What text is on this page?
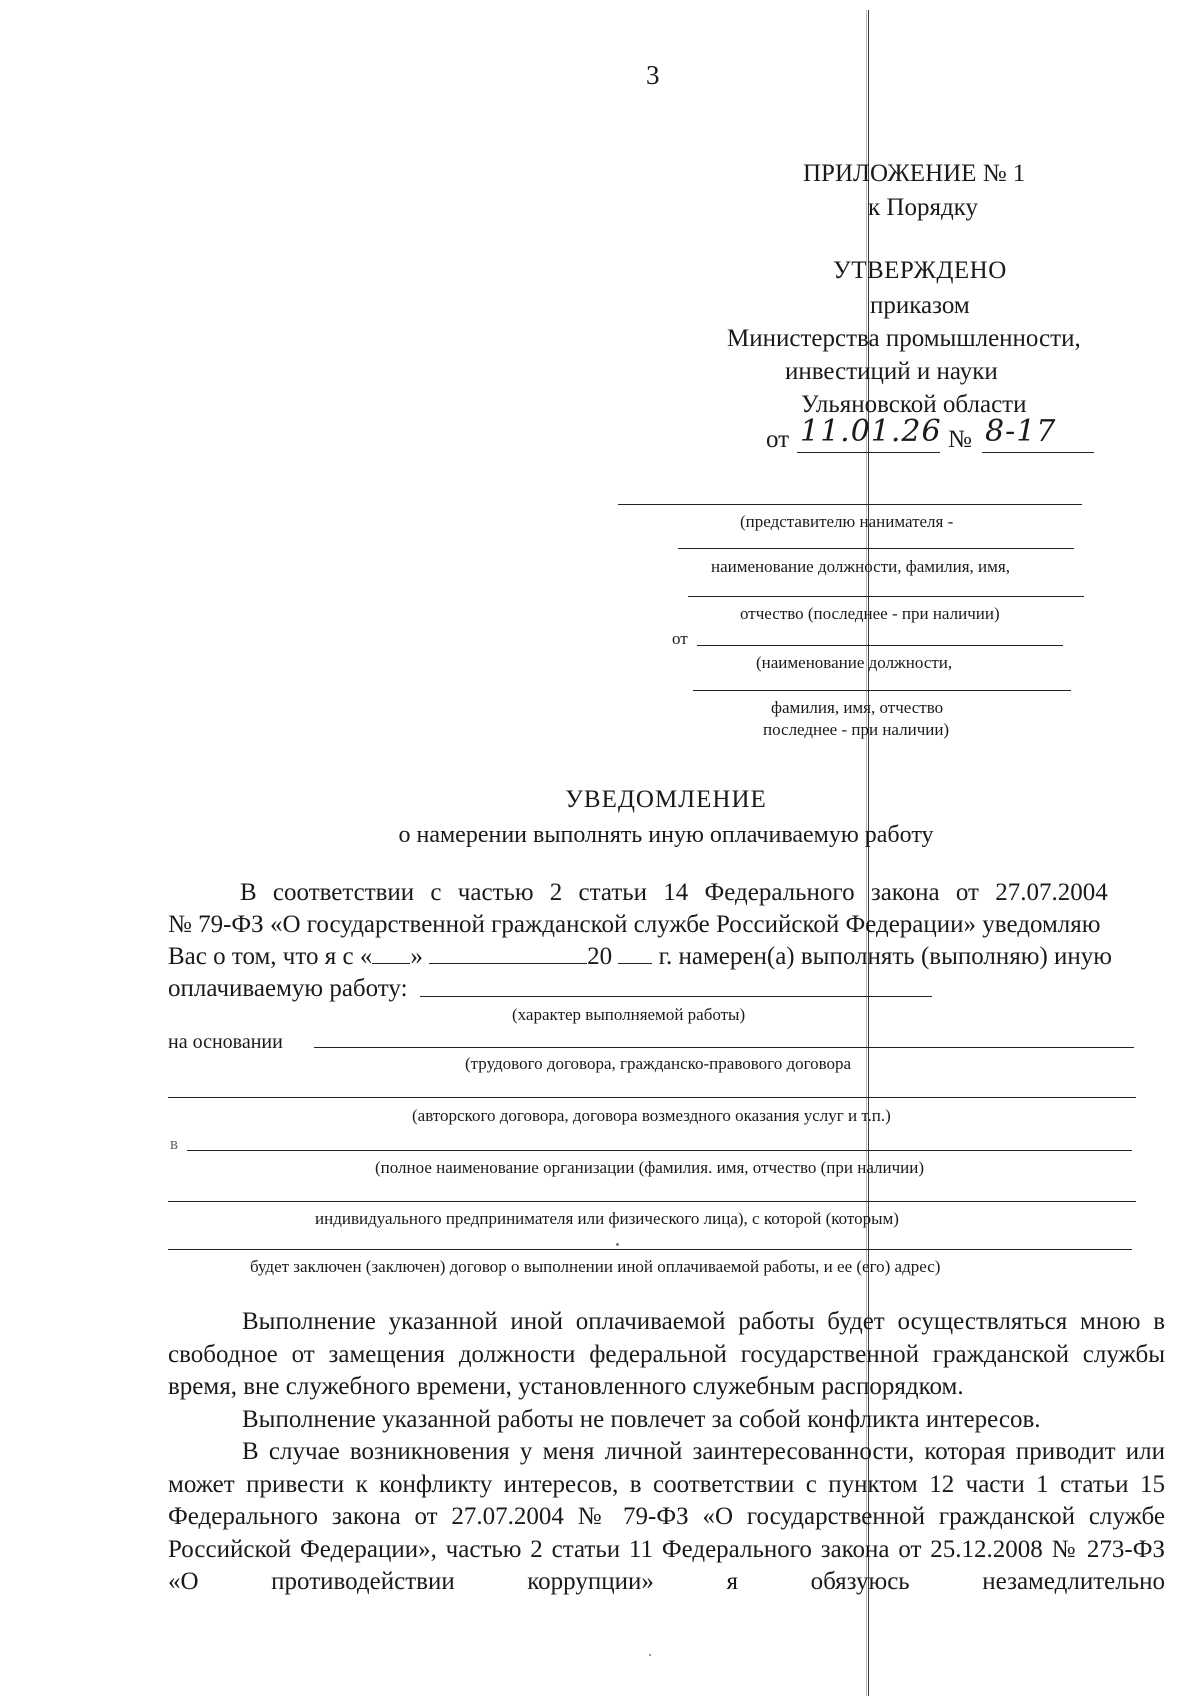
3
ПРИЛОЖЕНИЕ № 1
к Порядку
УТВЕРЖДЕНО
приказом
Министерства промышленности,
инвестиций и науки
Ульяновской области
от 11.01.26 № 8-17
(представителю нанимателя -
наименование должности, фамилия, имя,
отчество (последнее - при наличии)
от
(наименование должности,
фамилия, имя, отчество
последнее - при наличии)
УВЕДОМЛЕНИЕ
о намерении выполнять иную оплачиваемую работу
В соответствии с частью 2 статьи 14 Федерального закона от 27.07.2004
№ 79-ФЗ «О государственной гражданской службе Российской Федерации» уведомляю
Вас о том, что я с « »	20 г. намерен(а) выполнять (выполняю) иную
оплачиваемую работу:
(характер выполняемой работы)
на основании
(трудового договора, гражданско-правового договора
(авторского договора, договора возмездного оказания услуг и т.п.)
в
(полное наименование организации (фамилия. имя, отчество (при наличии)
индивидуального предпринимателя или физического лица), с которой (которым)
будет заключен (заключен) договор о выполнении иной оплачиваемой работы, и ее (его) адрес)
Выполнение указанной иной оплачиваемой работы будет осуществляться мною в свободное от замещения должности федеральной государственной гражданской службы время, вне служебного времени, установленного служебным распорядком.
Выполнение указанной работы не повлечет за собой конфликта интересов.
В случае возникновения у меня личной заинтересованности, которая приводит или может привести к конфликту интересов, в соответствии с пунктом 12 части 1 статьи 15 Федерального закона от 27.07.2004 № 79-ФЗ «О государственной гражданской службе Российской Федерации», частью 2 статьи 11 Федерального закона от 25.12.2008 № 273-ФЗ «О противодействии коррупции» я обязуюсь незамедлительно
